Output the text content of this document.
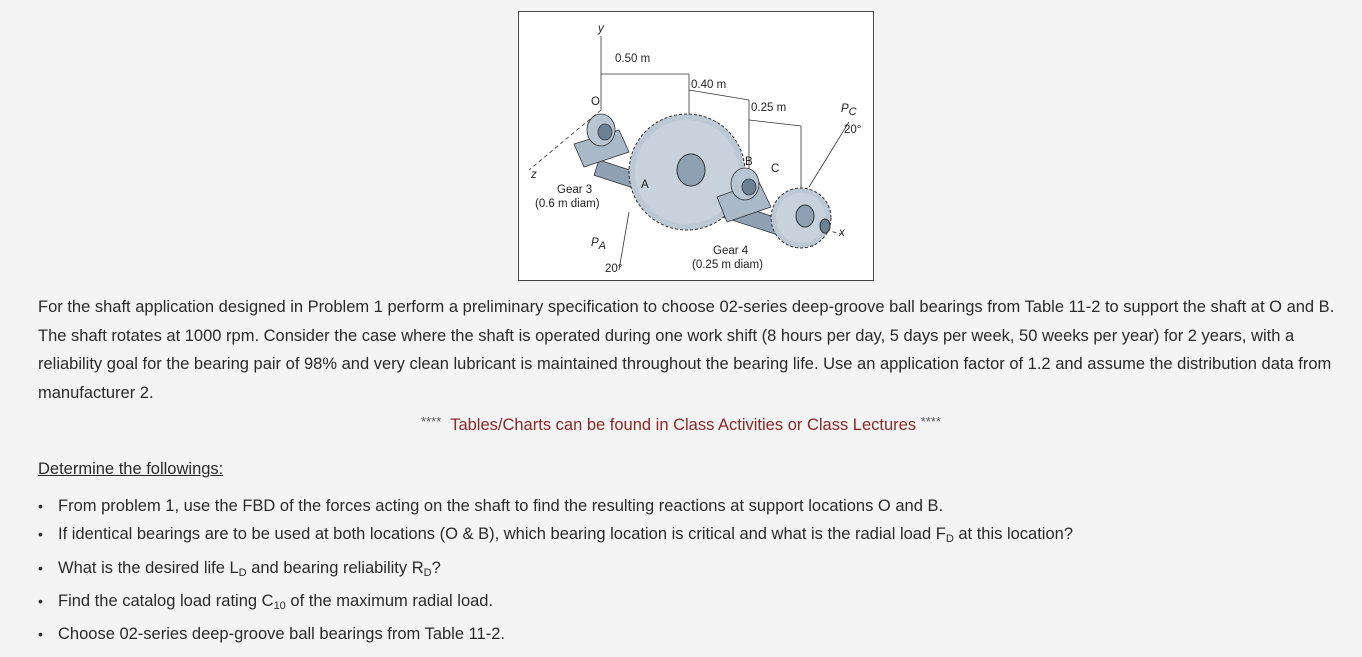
y
z
x
0.50 m
0.40 m
0.25 m
O
A
B
C
$P_C$
20°
$P_A$
20°
Gear 3
(0.6 m diam)
Gear 4
(0.25 m diam)

For the shaft application designed in Problem 1 perform a preliminary specification to choose 02-series deep-groove ball bearings from Table 11-2 to support the shaft at O and B. The shaft rotates at 1000 rpm. Consider the case where the shaft is operated during one work shift (8 hours per day, 5 days per week, 50 weeks per year) for 2 years, with a reliability goal for the bearing pair of 98% and very clean lubricant is maintained throughout the bearing life. Use an application factor of 1.2 and assume the distribution data from manufacturer 2.

**** Tables/Charts can be found in Class Activities or Class Lectures ****
Determine the followings:
• From problem 1, use the FBD of the forces acting on the shaft to find the resulting reactions at support locations O and B.
• If identical bearings are to be used at both locations (O & B), which bearing location is critical and what is the radial load $F_D$ at this location?
• What is the desired life $L_D$ and bearing reliability $R_D$?
• Find the catalog load rating $C_{10}$ of the maximum radial load.
• Choose 02-series deep-groove ball bearings from Table 11-2.
